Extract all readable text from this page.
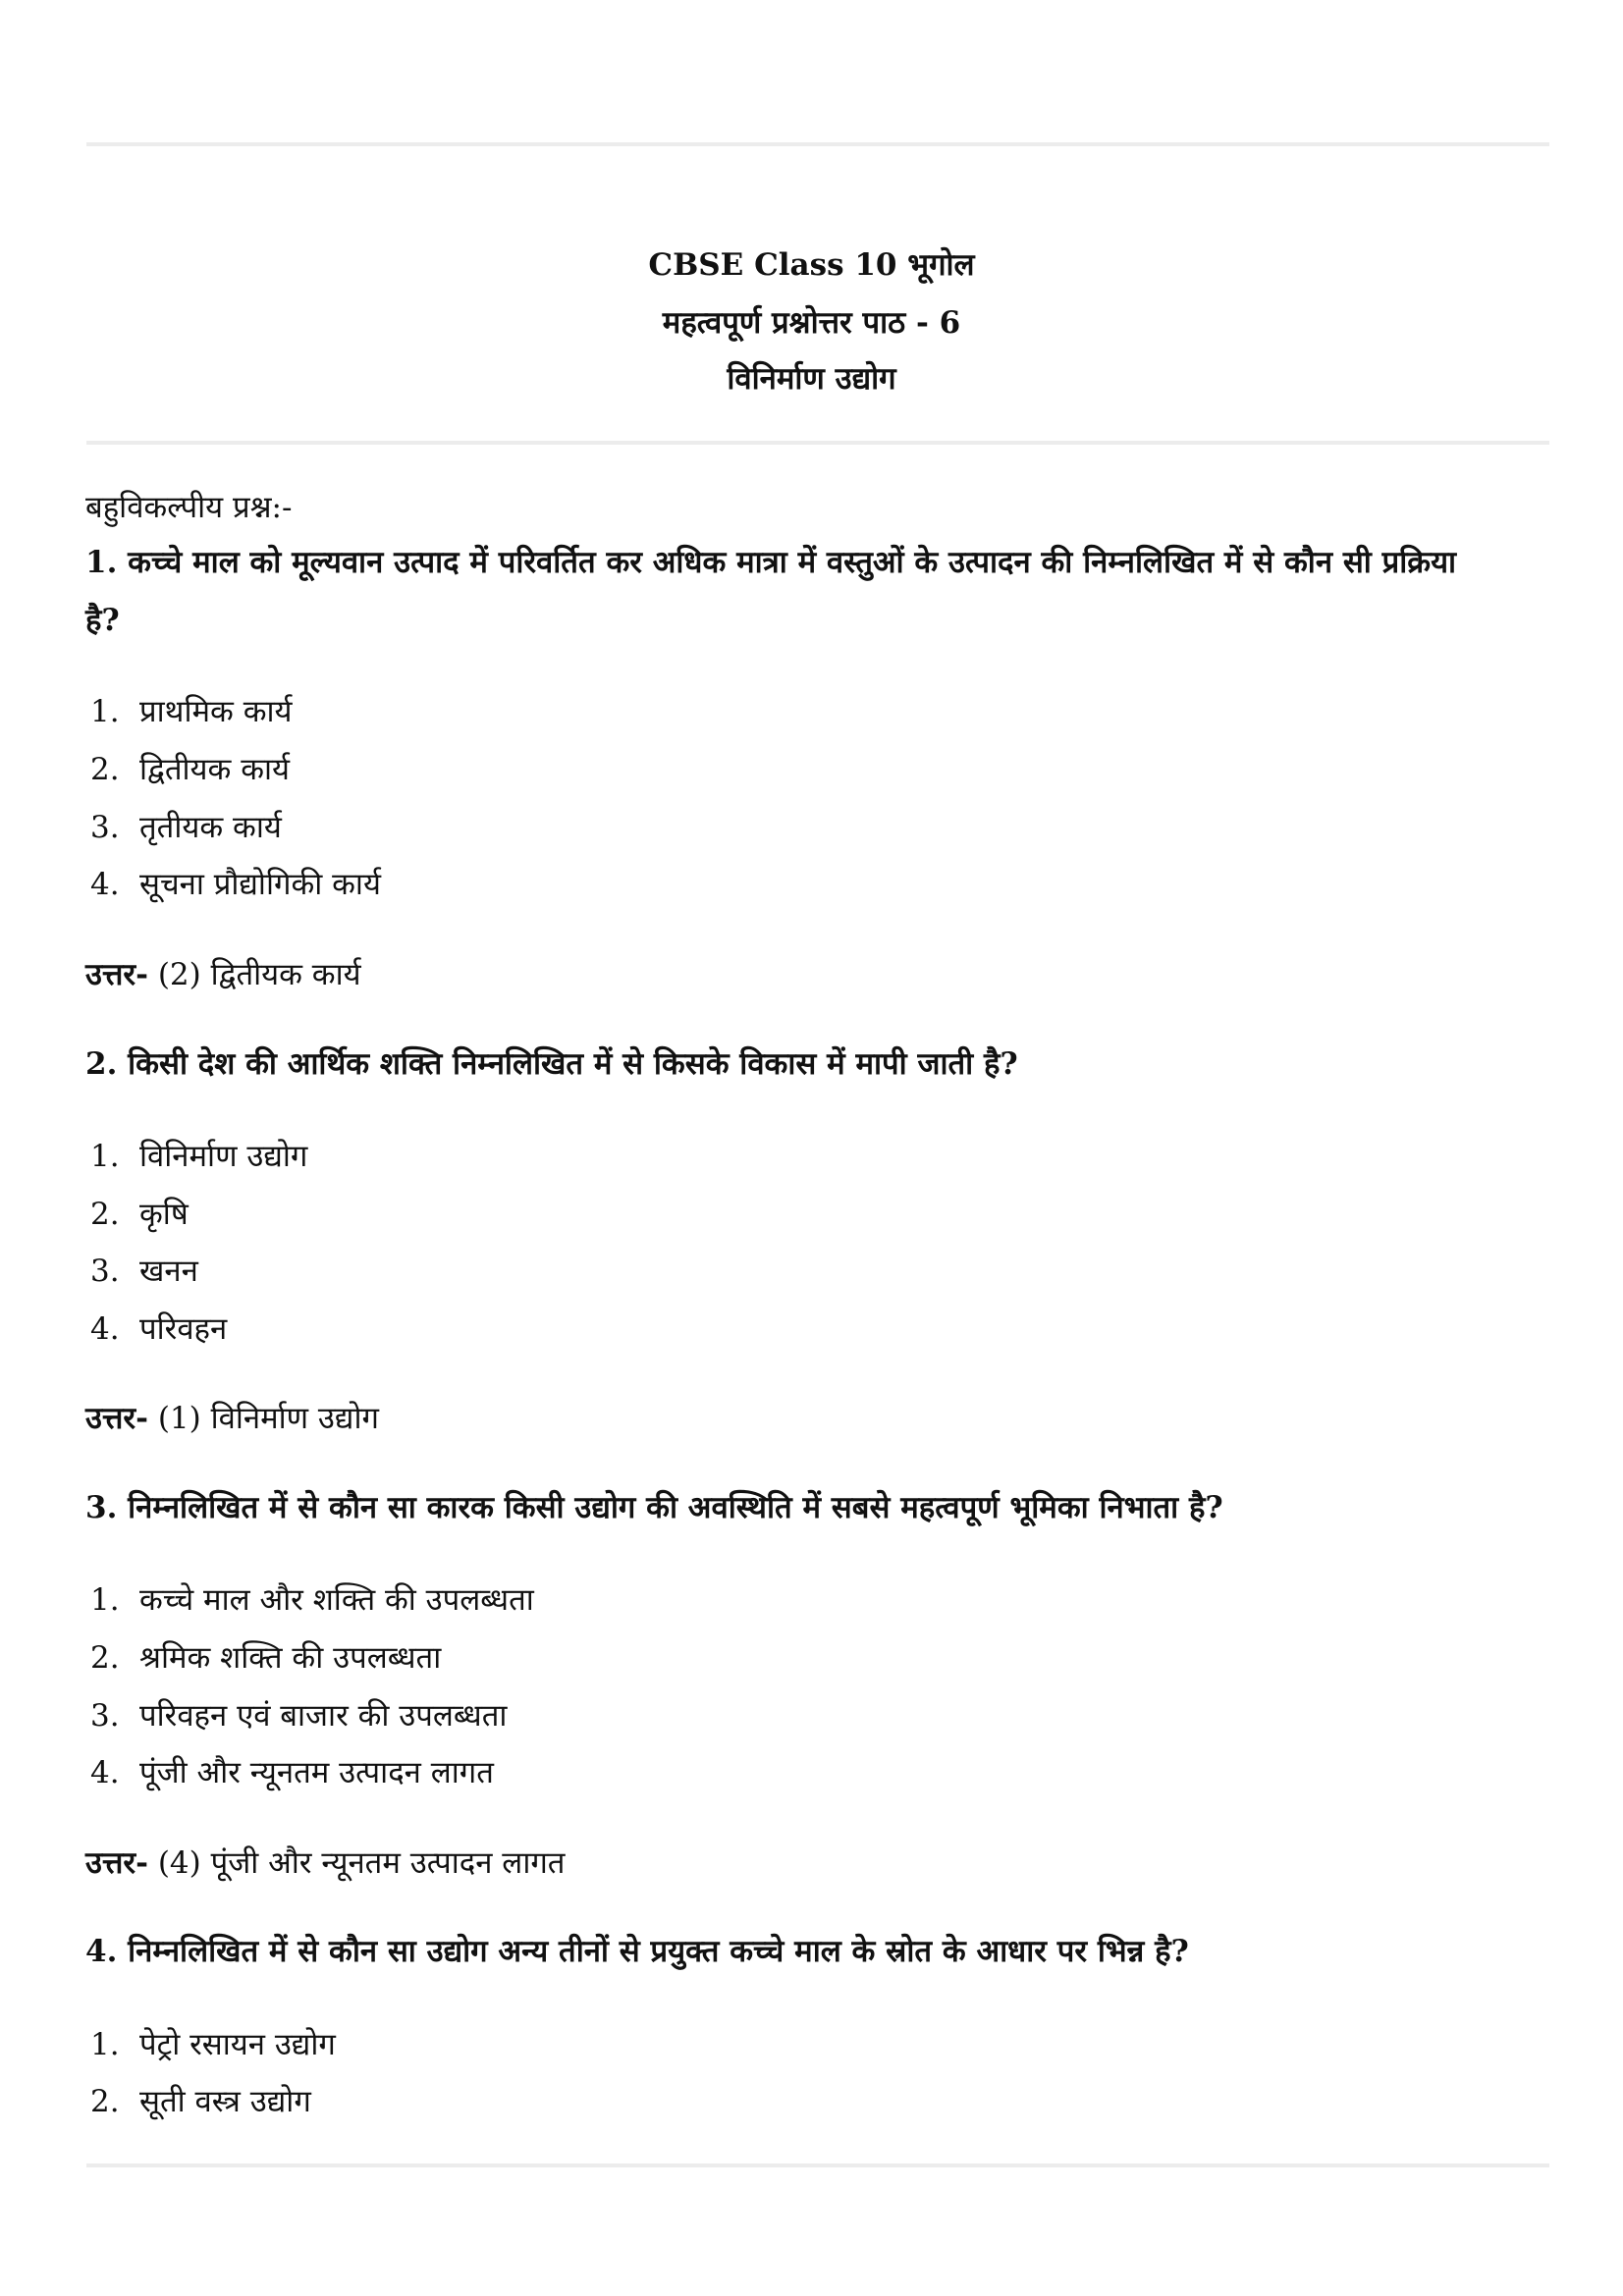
CBSE Class 10 भूगोल
महत्वपूर्ण प्रश्नोत्तर पाठ - 6
विनिर्माण उद्योग
बहुविकल्पीय प्रश्न:-
1. कच्चे माल को मूल्यवान उत्पाद में परिवर्तित कर अधिक मात्रा में वस्तुओं के उत्पादन की निम्नलिखित में से कौन सी प्रक्रिया
है?
1. प्राथमिक कार्य
2. द्वितीयक कार्य
3. तृतीयक कार्य
4. सूचना प्रौद्योगिकी कार्य
उत्तर- (2) द्वितीयक कार्य
2. किसी देश की आर्थिक शक्ति निम्नलिखित में से किसके विकास में मापी जाती है?
1. विनिर्माण उद्योग
2. कृषि
3. खनन
4. परिवहन
उत्तर- (1) विनिर्माण उद्योग
3. निम्नलिखित में से कौन सा कारक किसी उद्योग की अवस्थिति में सबसे महत्वपूर्ण भूमिका निभाता है?
1. कच्चे माल और शक्ति की उपलब्धता
2. श्रमिक शक्ति की उपलब्धता
3. परिवहन एवं बाजार की उपलब्धता
4. पूंजी और न्यूनतम उत्पादन लागत
उत्तर- (4) पूंजी और न्यूनतम उत्पादन लागत
4. निम्नलिखित में से कौन सा उद्योग अन्य तीनों से प्रयुक्त कच्चे माल के स्रोत के आधार पर भिन्न है?
1. पेट्रो रसायन उद्योग
2. सूती वस्त्र उद्योग
